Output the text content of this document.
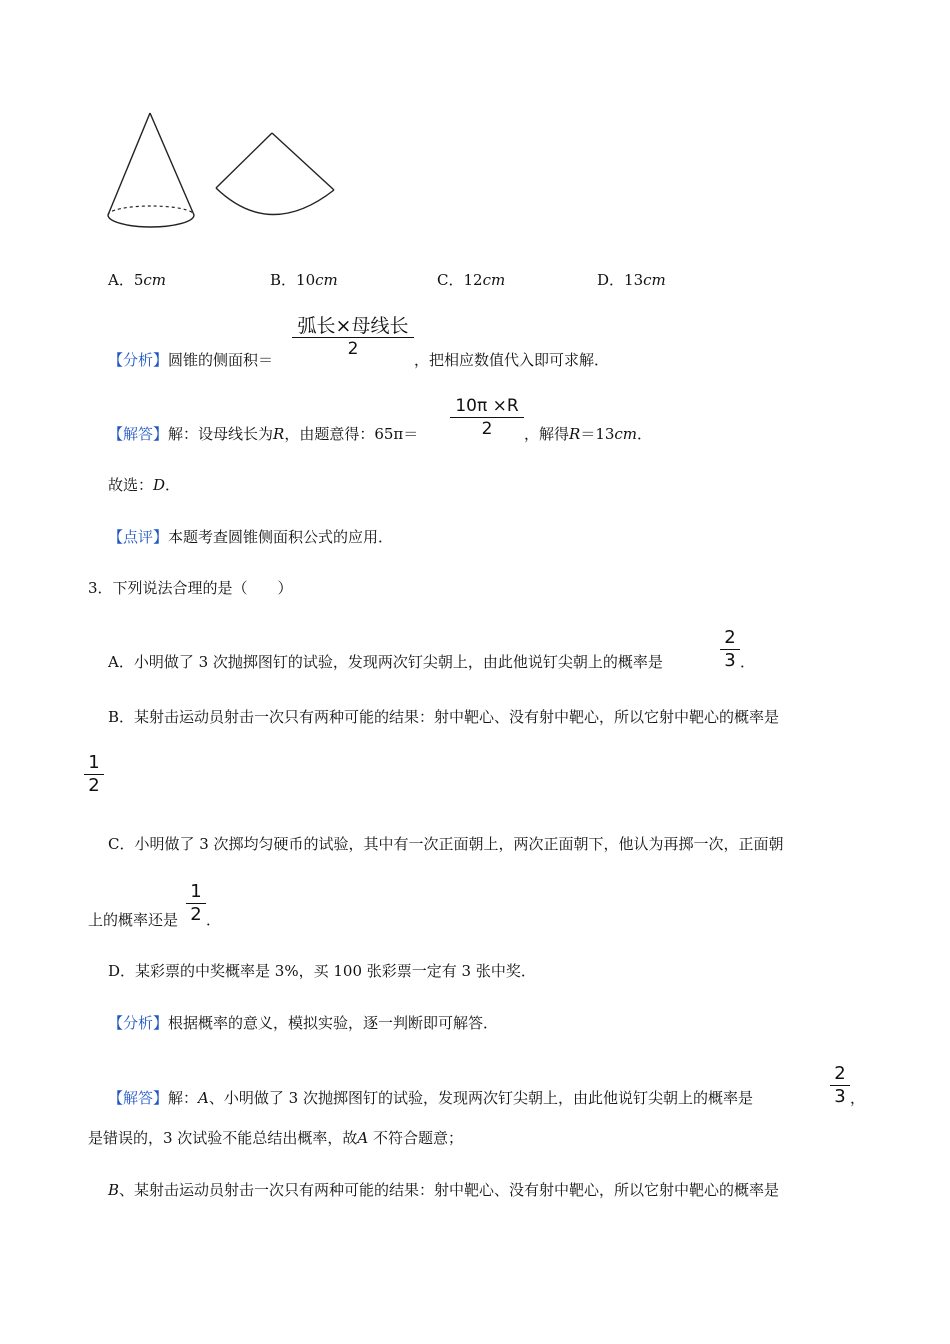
A．5cm	B．10cm	C．12cm	D．13cm
【分析】圆锥的侧面积＝
弧长×母线长
2
，把相应数值代入即可求解．
【解答】解：设母线长为R，由题意得：65π＝
10π ×R
2	，解得R＝13cm．
故选：D．
【点评】本题考查圆锥侧面积公式的应用．
3．下列说法合理的是（　　）
A．小明做了 3 次抛掷图钉的试验，发现两次钉尖朝上，由此他说钉尖朝上的概率是
2
3 ．
B．某射击运动员射击一次只有两种可能的结果：射中靶心、没有射中靶心，所以它射中靶心的概率是
1
2
C．小明做了 3 次掷均匀硬币的试验，其中有一次正面朝上，两次正面朝下，他认为再掷一次，正面朝
上的概率还是
1
2 ．
D．某彩票的中奖概率是 3%，买 100 张彩票一定有 3 张中奖．
【分析】根据概率的意义，模拟实验，逐一判断即可解答．
【解答】解：A、小明做了 3 次抛掷图钉的试验，发现两次钉尖朝上，由此他说钉尖朝上的概率是
2
3 ，
是错误的，3 次试验不能总结出概率，故A 不符合题意；
B、某射击运动员射击一次只有两种可能的结果：射中靶心、没有射中靶心，所以它射中靶心的概率是
